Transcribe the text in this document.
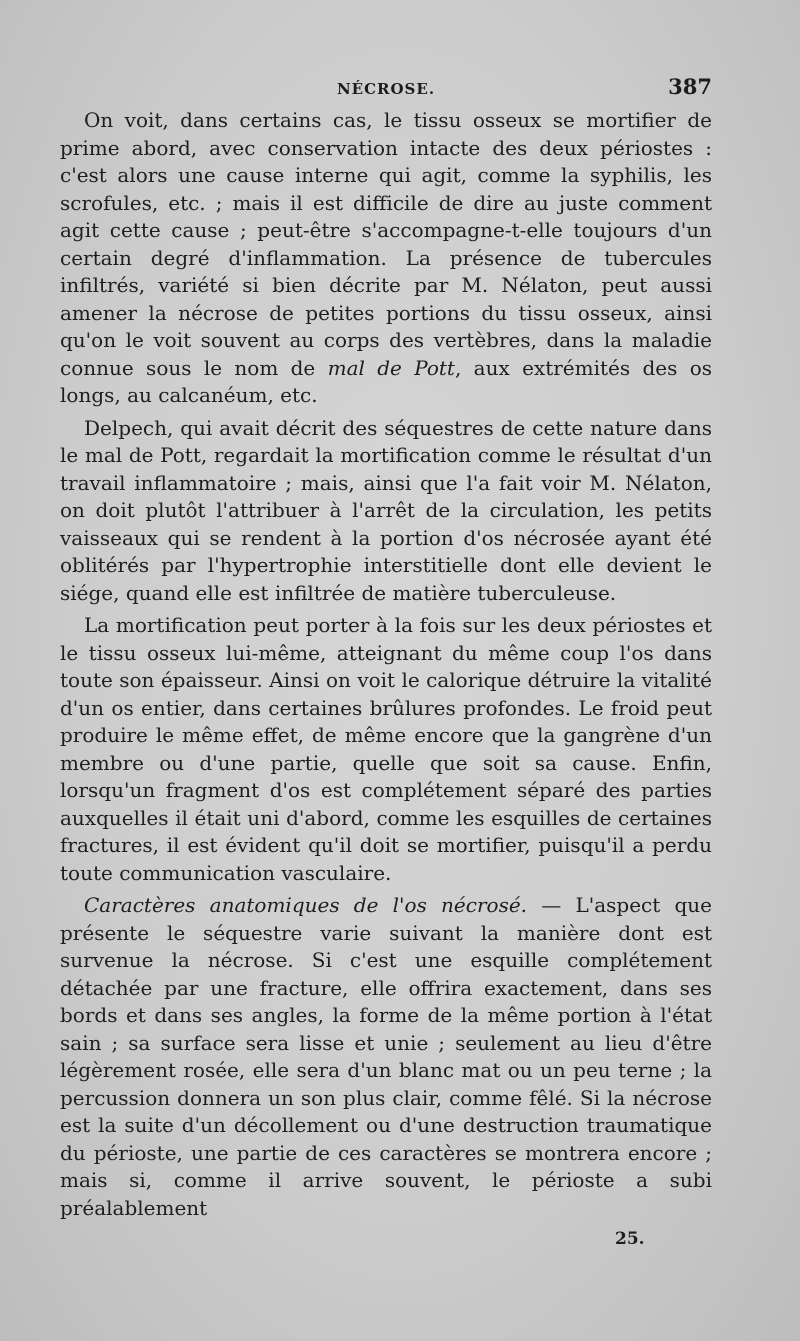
NÉCROSE.	387

On voit, dans certains cas, le tissu osseux se mortifier de prime abord, avec conservation intacte des deux périostes : c'est alors une cause interne qui agit, comme la syphilis, les scrofules, etc. ; mais il est difficile de dire au juste comment agit cette cause ; peut-être s'accompagne-t-elle toujours d'un certain degré d'inflammation. La présence de tubercules infiltrés, variété si bien décrite par M. Nélaton, peut aussi amener la nécrose de petites portions du tissu osseux, ainsi qu'on le voit souvent au corps des vertèbres, dans la maladie connue sous le nom de mal de Pott, aux extrémités des os longs, au calcanéum, etc.

Delpech, qui avait décrit des séquestres de cette nature dans le mal de Pott, regardait la mortification comme le résultat d'un travail inflammatoire ; mais, ainsi que l'a fait voir M. Nélaton, on doit plutôt l'attribuer à l'arrêt de la circulation, les petits vaisseaux qui se rendent à la portion d'os nécrosée ayant été oblitérés par l'hypertrophie interstitielle dont elle devient le siége, quand elle est infiltrée de matière tuberculeuse.

La mortification peut porter à la fois sur les deux périostes et le tissu osseux lui-même, atteignant du même coup l'os dans toute son épaisseur. Ainsi on voit le calorique détruire la vitalité d'un os entier, dans certaines brûlures profondes. Le froid peut produire le même effet, de même encore que la gangrène d'un membre ou d'une partie, quelle que soit sa cause. Enfin, lorsqu'un fragment d'os est complétement séparé des parties auxquelles il était uni d'abord, comme les esquilles de certaines fractures, il est évident qu'il doit se mortifier, puisqu'il a perdu toute communication vasculaire.

Caractères anatomiques de l'os nécrosé. — L'aspect que présente le séquestre varie suivant la manière dont est survenue la nécrose. Si c'est une esquille complétement détachée par une fracture, elle offrira exactement, dans ses bords et dans ses angles, la forme de la même portion à l'état sain ; sa surface sera lisse et unie ; seulement au lieu d'être légèrement rosée, elle sera d'un blanc mat ou un peu terne ; la percussion donnera un son plus clair, comme fêlé. Si la nécrose est la suite d'un décollement ou d'une destruction traumatique du périoste, une partie de ces caractères se montrera encore ; mais si, comme il arrive souvent, le périoste a subi préalablement

25.
